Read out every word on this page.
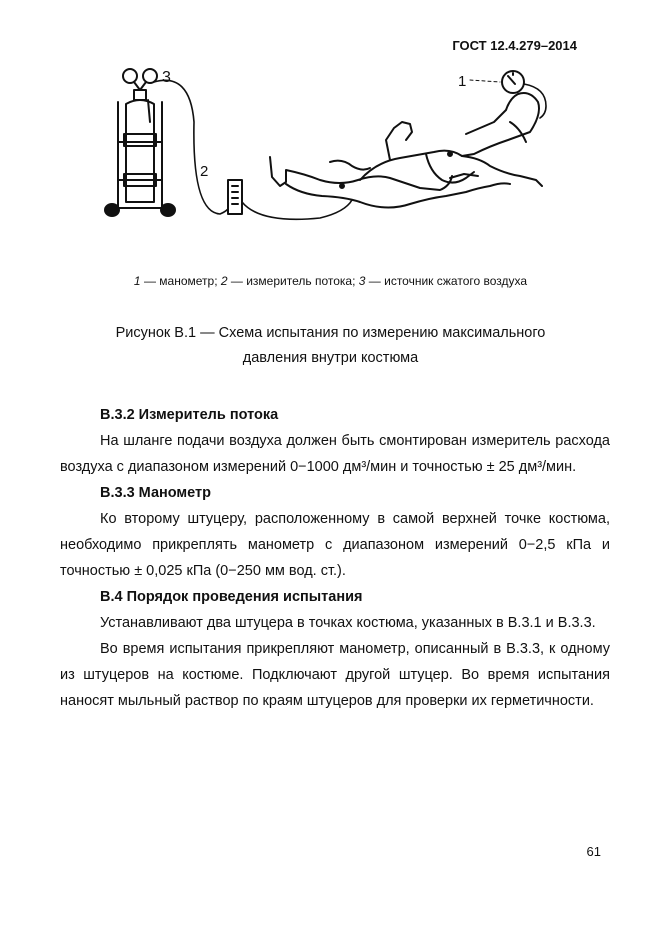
ГОСТ 12.4.279–2014
3
2
1
1 — манометр; 2 — измеритель потока; 3 — источник сжатого воздуха
Рисунок В.1 — Схема испытания по измерению максимального
давления внутри костюма
В.3.2 Измеритель потока

На шланге подачи воздуха должен быть смонтирован измеритель расхода воздуха с диапазоном измерений 0−1000 дм³/мин и точностью ± 25 дм³/мин.

В.3.3 Манометр

Ко второму штуцеру, расположенному в самой верхней точке костюма, необходимо прикреплять манометр с диапазоном измерений 0−2,5 кПа и точностью ± 0,025 кПа (0−250 мм вод. ст.).

В.4 Порядок проведения испытания

Устанавливают два штуцера в точках костюма, указанных в В.3.1 и В.3.3.

Во время испытания прикрепляют манометр, описанный в В.3.3, к одному из штуцеров на костюме. Подключают другой штуцер. Во время испытания наносят мыльный раствор по краям штуцеров для проверки их герметичности.

61
